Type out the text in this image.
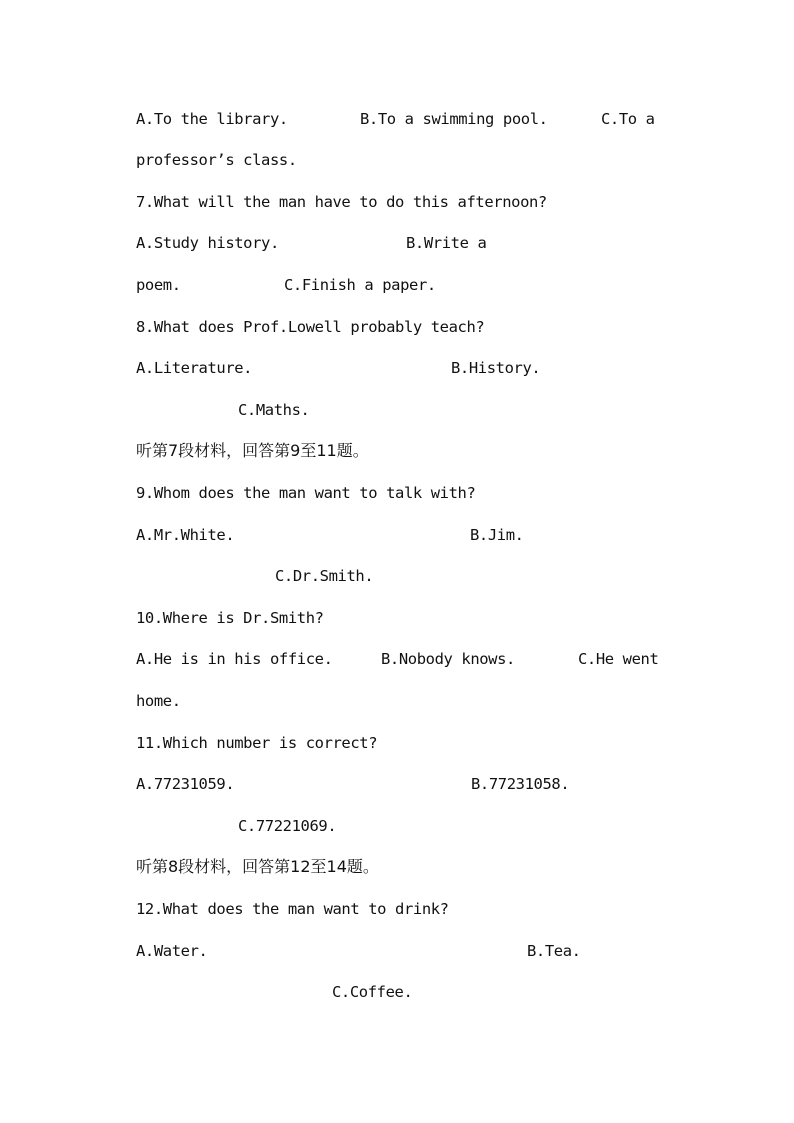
A.To the library.	B.To a swimming pool.	C.To a
professor’s class.
7.What will the man have to do this afternoon?
A.Study history.	B.Write a
poem.	C.Finish a paper.
8.What does Prof.Lowell probably teach?
A.Literature.	B.History.
C.Maths.
听第7段材料，回答第9至11题。
9.Whom does the man want to talk with?
A.Mr.White.	B.Jim.
C.Dr.Smith.
10.Where is Dr.Smith?
A.He is in his office.	B.Nobody knows.	C.He went
home.
11.Which number is correct?
A.77231059.	B.77231058.
C.77221069.
听第8段材料，回答第12至14题。
12.What does the man want to drink?
A.Water.	B.Tea.
C.Coffee.
